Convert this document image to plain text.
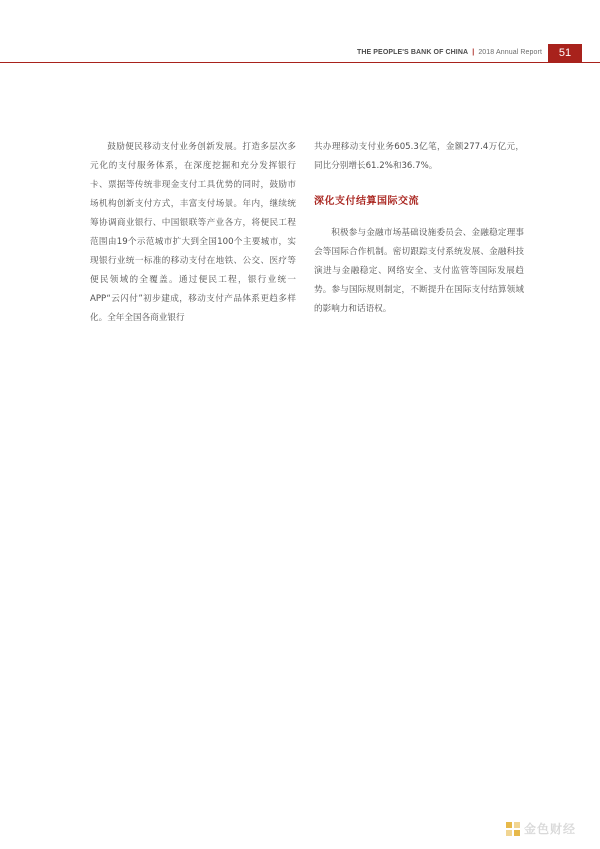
THE PEOPLE'S BANK OF CHINA | 2018 Annual Report	51

鼓励便民移动支付业务创新发展。打造多层次多元化的支付服务体系，在深度挖掘和充分发挥银行卡、票据等传统非现金支付工具优势的同时，鼓励市场机构创新支付方式，丰富支付场景。年内，继续统筹协调商业银行、中国银联等产业各方，将便民工程范围由19个示范城市扩大到全国100个主要城市，实现银行业统一标准的移动支付在地铁、公交、医疗等便民领域的全覆盖。通过便民工程，银行业统一APP“云闪付”初步建成，移动支付产品体系更趋多样化。全年全国各商业银行

共办理移动支付业务605.3亿笔，金额277.4万亿元，同比分别增长61.2%和36.7%。

深化支付结算国际交流

积极参与金融市场基础设施委员会、金融稳定理事会等国际合作机制。密切跟踪支付系统发展、金融科技演进与金融稳定、网络安全、支付监管等国际发展趋势。参与国际规则制定，不断提升在国际支付结算领域的影响力和话语权。

金色财经
